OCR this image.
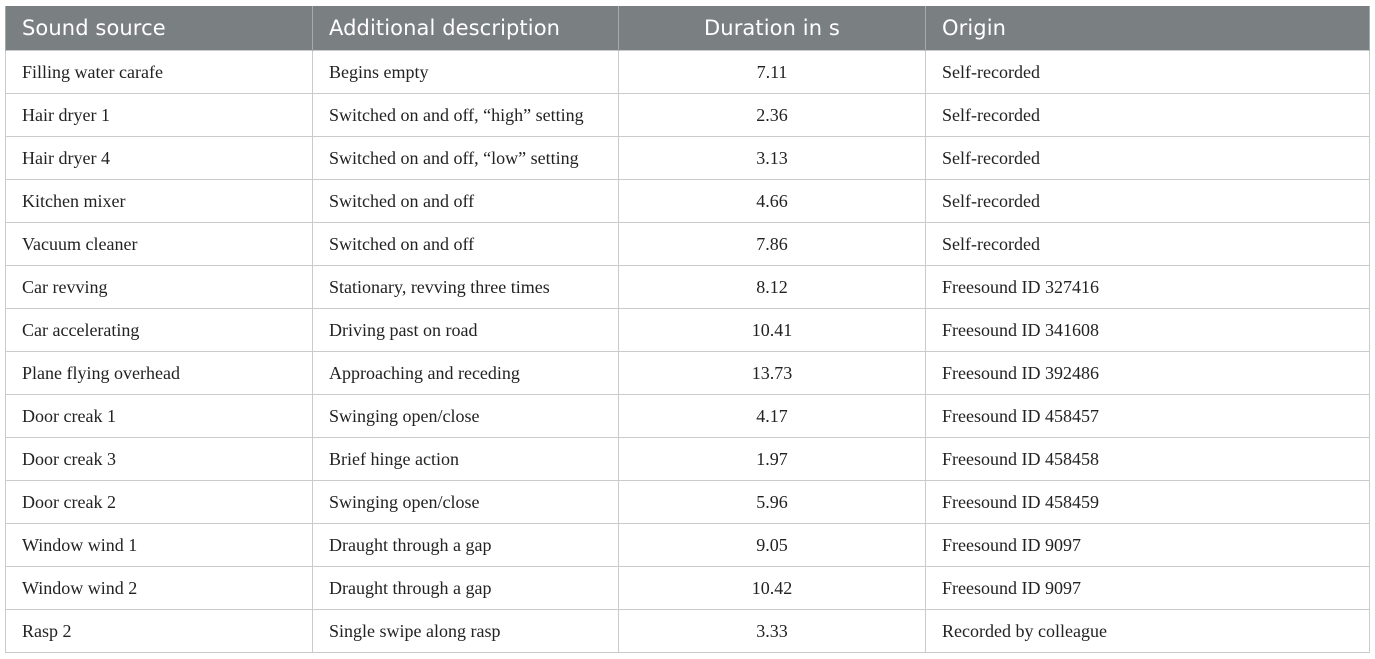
Sound source	Additional description	Duration in s	Origin
Filling water carafe	Begins empty	7.11	Self-recorded
Hair dryer 1	Switched on and off, “high” setting	2.36	Self-recorded
Hair dryer 4	Switched on and off, “low” setting	3.13	Self-recorded
Kitchen mixer	Switched on and off	4.66	Self-recorded
Vacuum cleaner	Switched on and off	7.86	Self-recorded
Car revving	Stationary, revving three times	8.12	Freesound ID 327416
Car accelerating	Driving past on road	10.41	Freesound ID 341608
Plane flying overhead	Approaching and receding	13.73	Freesound ID 392486
Door creak 1	Swinging open/close	4.17	Freesound ID 458457
Door creak 3	Brief hinge action	1.97	Freesound ID 458458
Door creak 2	Swinging open/close	5.96	Freesound ID 458459
Window wind 1	Draught through a gap	9.05	Freesound ID 9097
Window wind 2	Draught through a gap	10.42	Freesound ID 9097
Rasp 2	Single swipe along rasp	3.33	Recorded by colleague
